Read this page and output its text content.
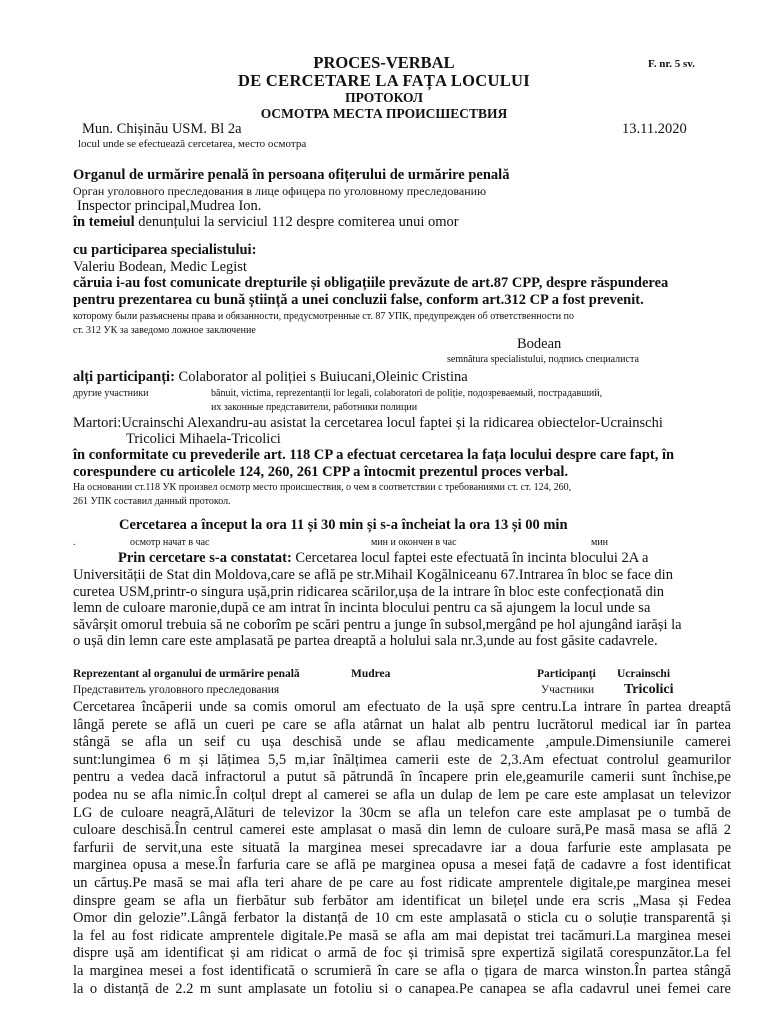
PROCES-VERBAL
DE CERCETARE LA FAȚA LOCULUI
F. nr. 5 sv.
ПРОТОКОЛ
ОСМОТРА МЕСТА ПРОИСШЕСТВИЯ
Mun. Chișinău USM. Bl 2a	13.11.2020
locul unde se efectuează cercetarea, место осмотра
Organul de urmărire penală în persoana ofițerului de urmărire penală
Орган уголовного преследования в лице офицера по уголовному преследованию
Inspector principal,Mudrea Ion.
în temeiul denunțului la serviciul 112 despre comiterea unui omor
cu participarea specialistului:
Valeriu Bodean, Medic Legist
căruia i-au fost comunicate drepturile și obligațiile prevăzute de art.87 CPP, despre răspunderea
pentru prezentarea cu bună știință a unei concluzii false, conform art.312 CP a fost prevenit.
которому были разъяснены права и обязанности, предусмотренные ст. 87 УПК, предупрежден об ответственности по
ст. 312 УК за заведомо ложное заключение
Bodean
semnătura specialistului, подпись специалиста
alți participanți: Colaborator al poliției s Buiucani,Oleinic Cristina
другие участники	bănuit, victima, reprezentanții lor legali, colaboratori de poliție, подозреваемый, пострадавший,
их законные представители, работники полиции
Martori:Ucrainschi Alexandru-au asistat la cercetarea locul faptei și la ridicarea obiectelor-Ucrainschi
Tricolici Mihaela-Tricolici
în conformitate cu prevederile art. 118 CP a efectuat cercetarea la fața locului despre care fapt, în
corespundere cu articolele 124, 260, 261 CPP a întocmit prezentul proces verbal.
На основании ст.118 УК произвел осмотр место происшествия, о чем в соответствии с требованиями ст. ст. 124, 260,
261 УПК составил данный протокол.
Cercetarea a început la ora 11 și 30 min și s-a încheiat la ora 13 și 00 min
.	осмотр начат в час	мин и окончен в час	мин
Prin cercetare s-a constatat: Cercetarea locul faptei este efectuată în incinta blocului 2A a

Universității de Stat din Moldova,care se află pe str.Mihail Kogălniceanu 67.Intrarea în bloc se face din

curetea USM,printr-o singura ușă,prin ridicarea scărilor,ușa de la intrare în bloc este confecționată din

lemn de culoare maronie,după ce am intrat în incinta blocului pentru ca să ajungem la locul unde sa

săvârșit omorul trebuia să ne coborîm pe scări pentru a junge în subsol,mergând pe hol ajungând iarăși la

o ușă din lemn care este amplasată pe partea dreaptă a holului sala nr.3,unde au fost găsite cadavrele.

Reprezentant al organului de urmărire penală	Mudrea	Participanți Ucrainschi
Представитель уголовного преследования	Участники Tricolici

Cercetarea încăperii unde sa comis omorul am efectuato de la ușă spre centru.La intrare în partea dreaptă

lângă perete se află un cueri pe care se afla atârnat un halat alb pentru lucrătorul medical iar în partea

stângă se afla un seif cu ușa deschisă unde se aflau medicamente ,ampule.Dimensiunile camerei

sunt:lungimea 6 m și lățimea 5,5 m,iar înălțimea camerii este de 2,3.Am efectuat controlul geamurilor

pentru a vedea dacă infractorul a putut să pătrundă în încapere prin ele,geamurile camerii sunt închise,pe

podea nu se afla nimic.În colțul drept al camerei se afla un dulap de lem pe care este amplasat un televizor

LG de culoare neagră,Alături de televizor la 30cm se afla un telefon care este amplasat pe o tumbă de

culoare deschisă.În centrul camerei este amplasat o masă din lemn de culoare sură,Pe masă masa se află 2

farfurii de servit,una este situată la marginea mesei sprecadavre iar a doua farfurie este amplasata pe

marginea opusa a mese.În farfuria care se află pe marginea opusa a mesei față de cadavre a fost identificat

un cărtuș.Pe masă se mai afla teri ahare de pe care au fost ridicate amprentele digitale,pe marginea mesei

dinspre geam se afla un fierbătur sub ferbător am identificat un bilețel unde era scris „Masa și Fedea

Omor din gelozie”.Lângă ferbator la distanță de 10 cm este amplasată o sticla cu o soluție transparentă și

la fel au fost ridicate amprentele digitale.Pe masă se afla am mai depistat trei tacămuri.La marginea mesei

dispre ușă am identificat și am ridicat o armă de foc și trimisă spre expertiză sigilată corespunzător.La fel

la marginea mesei a fost identificată o scrumieră în care se afla o țigara de marca winston.În partea stângă

la o distanță de 2.2 m sunt amplasate un fotoliu si o canapea.Pe canapea se afla cadavrul unei femei care
